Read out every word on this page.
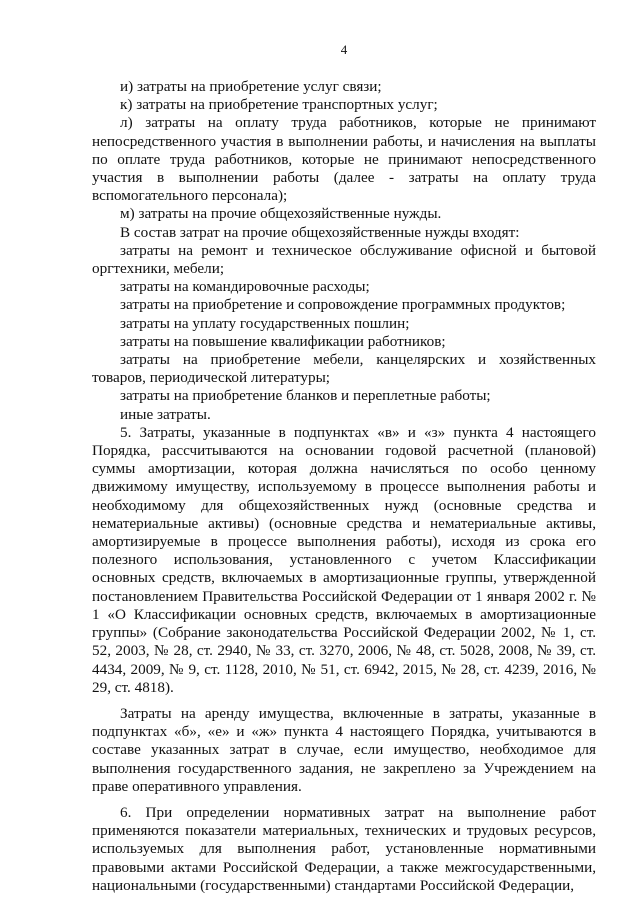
4

и) затраты на приобретение услуг связи;

к) затраты на приобретение транспортных услуг;

л) затраты на оплату труда работников, которые не принимают непосредственного участия в выполнении работы, и начисления на выплаты по оплате труда работников, которые не принимают непосредственного участия в выполнении работы (далее - затраты на оплату труда вспомогательного персонала);

м) затраты на прочие общехозяйственные нужды.

В состав затрат на прочие общехозяйственные нужды входят:

затраты на ремонт и техническое обслуживание офисной и бытовой оргтехники, мебели;

затраты на командировочные расходы;

затраты на приобретение и сопровождение программных продуктов;

затраты на уплату государственных пошлин;

затраты на повышение квалификации работников;

затраты на приобретение мебели, канцелярских и хозяйственных товаров, периодической литературы;

затраты на приобретение бланков и переплетные работы;

иные затраты.

5. Затраты, указанные в подпунктах «в» и «з» пункта 4 настоящего Порядка, рассчитываются на основании годовой расчетной (плановой) суммы амортизации, которая должна начисляться по особо ценному движимому имуществу, используемому в процессе выполнения работы и необходимому для общехозяйственных нужд (основные средства и нематериальные активы) (основные средства и нематериальные активы, амортизируемые в процессе выполнения работы), исходя из срока его полезного использования, установленного с учетом Классификации основных средств, включаемых в амортизационные группы, утвержденной постановлением Правительства Российской Федерации от 1 января 2002 г. № 1 «О Классификации основных средств, включаемых в амортизационные группы» (Собрание законодательства Российской Федерации 2002, № 1, ст. 52, 2003, № 28, ст. 2940, № 33, ст. 3270, 2006, № 48, ст. 5028, 2008, № 39, ст. 4434, 2009, № 9, ст. 1128, 2010, № 51, ст. 6942, 2015, № 28, ст. 4239, 2016, № 29, ст. 4818).

Затраты на аренду имущества, включенные в затраты, указанные в подпунктах «б», «е» и «ж» пункта 4 настоящего Порядка, учитываются в составе указанных затрат в случае, если имущество, необходимое для выполнения государственного задания, не закреплено за Учреждением на праве оперативного управления.

6. При определении нормативных затрат на выполнение работ применяются показатели материальных, технических и трудовых ресурсов, используемых для выполнения работ, установленные нормативными правовыми актами Российской Федерации, а также межгосударственными, национальными (государственными) стандартами Российской Федерации,
